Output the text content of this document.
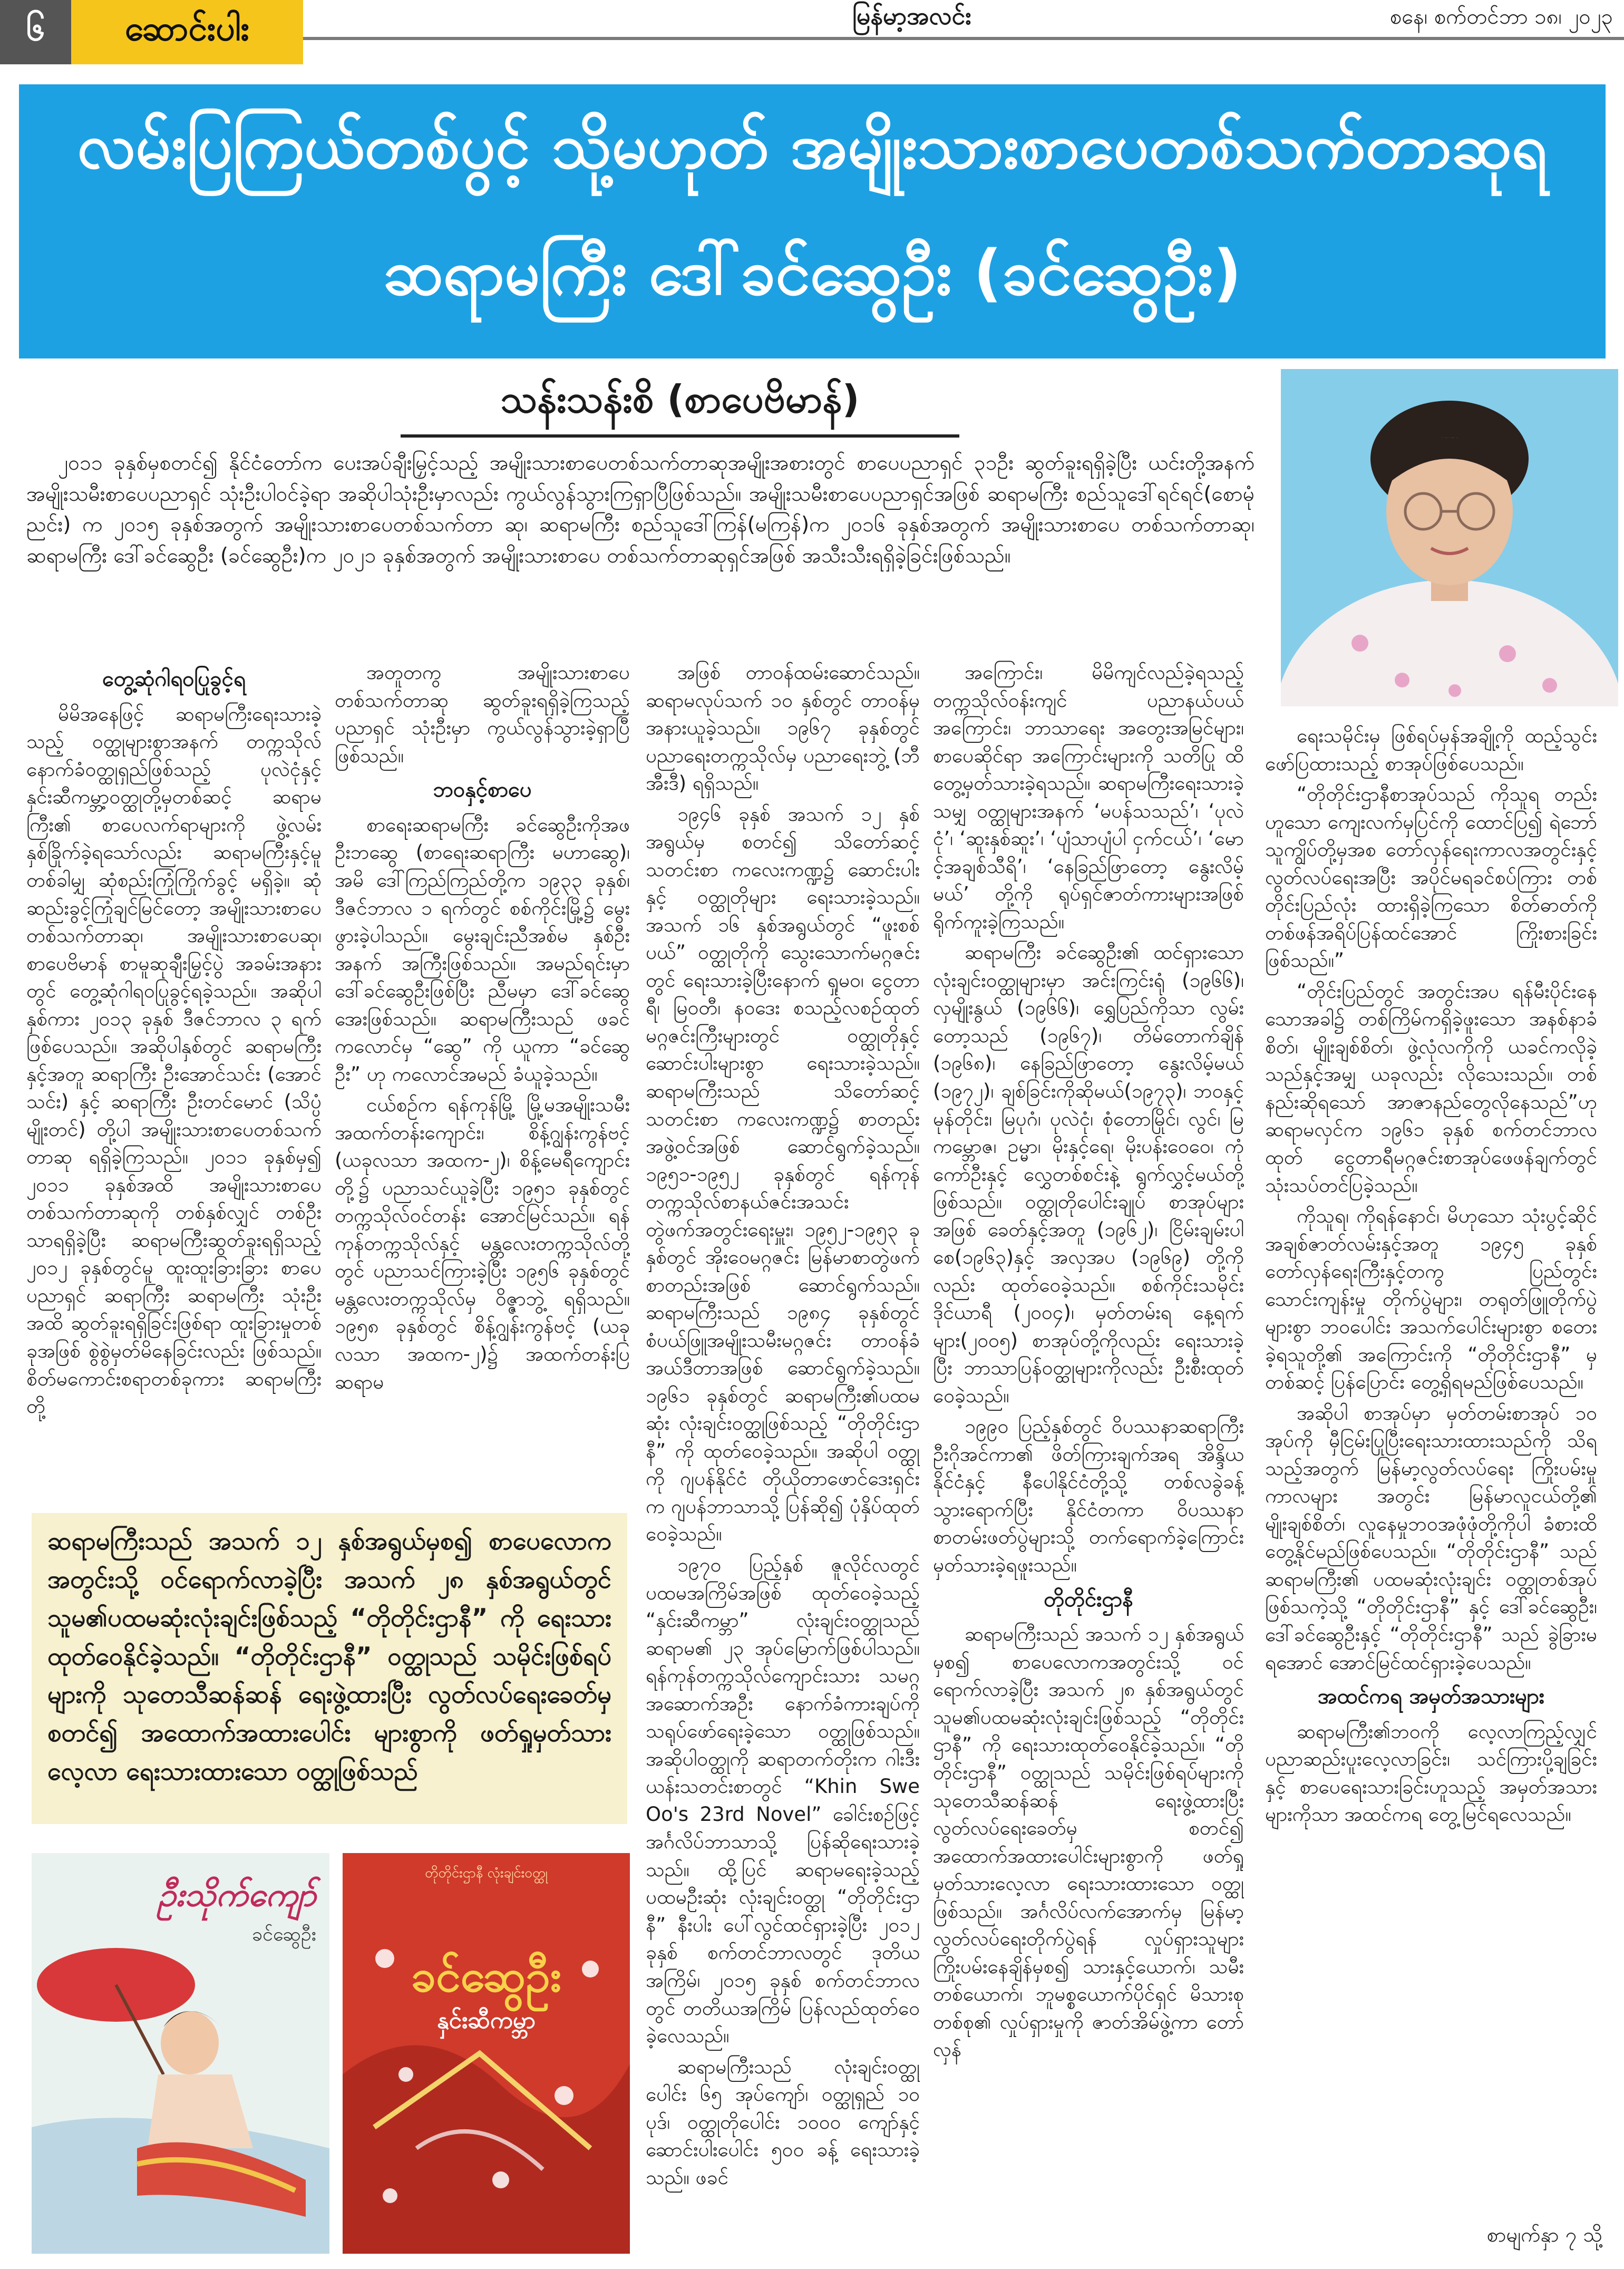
၆	ဆောင်းပါး	မြန်မာ့အလင်း	စနေ၊ စက်တင်ဘာ ၁၈၊ ၂၀၂၃
လမ်းပြကြယ်တစ်ပွင့် သို့မဟုတ် အမျိုးသားစာပေတစ်သက်တာဆုရ
ဆရာမကြီး ဒေါ်ခင်ဆွေဦး (ခင်ဆွေဦး)
သန်းသန်းစိ (စာပေဗိမာန်)

၂၀၁၁ ခုနှစ်မှစတင်၍ နိုင်ငံတော်က ပေးအပ်ချီးမြှင့်သည့် အမျိုးသားစာပေတစ်သက်တာဆုအမျိုးအစားတွင် စာပေပညာရှင် ၃၁ဦး ဆွတ်ခူးရရှိခဲ့ပြီး ယင်းတို့အနက် အမျိုးသမီးစာပေပညာရှင် သုံးဦးပါဝင်ခဲ့ရာ အဆိုပါသုံးဦးမှာလည်း ကွယ်လွန်သွားကြရှာပြီဖြစ်သည်။ အမျိုးသမီးစာပေပညာရှင်အဖြစ် ဆရာမကြီး စည်သူဒေါ်ရင်ရင်(စောမုံညင်း) က ၂၀၁၅ ခုနှစ်အတွက် အမျိုးသားစာပေတစ်သက်တာ ဆု၊ ဆရာမကြီး စည်သူဒေါ်ကြန်(မကြန်)က ၂၀၁၆ ခုနှစ်အတွက် အမျိုးသားစာပေ တစ်သက်တာဆု၊ ဆရာမကြီး ဒေါ်ခင်ဆွေဦး (ခင်ဆွေဦး)က ၂၀၂၁ ခုနှစ်အတွက် အမျိုးသားစာပေ တစ်သက်တာဆုရှင်အဖြစ် အသီးသီးရရှိခဲ့ခြင်းဖြစ်သည်။

တွေ့ဆုံဂါရဝပြုခွင့်ရ

မိမိအနေဖြင့် ဆရာမကြီးရေးသားခဲ့သည့် ဝတ္ထုများစွာအနက် တက္ကသိုလ်နောက်ခံဝတ္ထုရှည်ဖြစ်သည့် ပုလဲငုံနှင့် နှင်းဆီကမ္ဘာ့ဝတ္ထုတို့မှတစ်ဆင့် ဆရာမကြီး၏ စာပေလက်ရာများကို ဖွဲ့လမ်းနှစ်ခြိုက်ခဲ့ရသော်လည်း ဆရာမကြီးနှင့်မူ တစ်ခါမျှ ဆုံစည်းကြုံကြိုက်ခွင့် မရှိခဲ့။ ဆုံဆည်းခွင့်ကြုံချင်မြင်တော့ အမျိုးသားစာပေတစ်သက်တာဆု၊ အမျိုးသားစာပေဆု၊ စာပေဗိမာန် စာမူဆုချီးမြှင့်ပွဲ အခမ်းအနားတွင် တွေ့ဆုံဂါရဝပြုခွင့်ရခဲ့သည်။ အဆိုပါနှစ်ကား ၂၀၁၃ ခုနှစ် ဒီဇင်ဘာလ ၃ ရက် ဖြစ်ပေသည်။ အဆိုပါနှစ်တွင် ဆရာမကြီးနှင့်အတူ ဆရာကြီး ဦးအောင်သင်း (အောင်သင်း) နှင့် ဆရာကြီး ဦးတင်မောင် (သိပ္ပံမျိုးတင်) တို့ပါ အမျိုးသားစာပေတစ်သက်တာဆု ရရှိခဲ့ကြသည်။ ၂၀၁၁ ခုနှစ်မှ၍ ၂၀၁၁ ခုနှစ်အထိ အမျိုးသားစာပေ တစ်သက်တာဆုကို တစ်နှစ်လျှင် တစ်ဦးသာရရှိခဲ့ပြီး ဆရာမကြီးဆွတ်ခူးရရှိသည့် ၂၀၁၂ ခုနှစ်တွင်မူ ထူးထူးခြားခြား စာပေပညာရှင် ဆရာကြီး ဆရာမကြီး သုံးဦးအထိ ဆွတ်ခူးရရှိခြင်းဖြစ်ရာ ထူးခြားမှုတစ်ခုအဖြစ် စွဲစွဲမှတ်မိနေခြင်းလည်း ဖြစ်သည်။ စိတ်မကောင်းစရာတစ်ခုကား ဆရာမကြီးတို့

အတူတကွ အမျိုးသားစာပေ တစ်သက်တာဆု ဆွတ်ခူးရရှိခဲ့ကြသည့် ပညာရှင် သုံးဦးမှာ ကွယ်လွန်သွားခဲ့ရှာပြီဖြစ်သည်။

ဘဝနှင့်စာပေ

စာရေးဆရာမကြီး ခင်ဆွေဦးကိုအဖ ဦးဘဆွေ (စာရေးဆရာကြီး မဟာဆွေ)၊ အမိ ဒေါ်ကြည်ကြည်တို့က ၁၉၃၃ ခုနှစ်၊ ဒီဇင်ဘာလ ၁ ရက်တွင် စစ်ကိုင်းမြို့၌ မွေးဖွားခဲ့ပါသည်။ မွေးချင်းညီအစ်မ နှစ်ဦးအနက် အကြီးဖြစ်သည်။ အမည်ရင်းမှာ ဒေါ်ခင်ဆွေဦးဖြစ်ပြီး ညီမမှာ ဒေါ်ခင်ဆွေအေးဖြစ်သည်။ ဆရာမကြီးသည် ဖခင်ကလောင်မှ “ဆွေ” ကို ယူကာ “ခင်ဆွေဦး” ဟု ကလောင်အမည် ခံယူခဲ့သည်။

ငယ်စဉ်က ရန်ကုန်မြို့ မြို့မအမျိုးသမီး အထက်တန်းကျောင်း၊ စိန့်ဂျွန်းကွန်ဗင့် (ယခုလသာ အထက-၂)၊ စိန့်မေရီကျောင်းတို့၌ ပညာသင်ယူခဲ့ပြီး ၁၉၅၁ ခုနှစ်တွင် တက္ကသိုလ်ဝင်တန်း အောင်မြင်သည်။ ရန်ကုန်တက္ကသိုလ်နှင့် မန္တလေးတက္ကသိုလ်တို့တွင် ပညာသင်ကြားခဲ့ပြီး ၁၉၅၆ ခုနှစ်တွင် မန္တလေးတက္ကသိုလ်မှ ဝိဇ္ဇာဘွဲ့ ရရှိသည်။ ၁၉၅၈ ခုနှစ်တွင် စိန့်ဂျွန်းကွန်ဗင့် (ယခုလသာ အထက-၂)၌ အထက်တန်းပြဆရာမ

အဖြစ် တာဝန်ထမ်းဆောင်သည်။ ဆရာမလုပ်သက် ၁၀ နှစ်တွင် တာဝန်မှ အနားယူခဲ့သည်။ ၁၉၆၇ ခုနှစ်တွင် ပညာရေးတက္ကသိုလ်မှ ပညာရေးဘွဲ့ (ဘီအီးဒီ) ရရှိသည်။

၁၉၄၆ ခုနှစ် အသက် ၁၂ နှစ်အရွယ်မှ စတင်၍ သိတော်ဆင့်သတင်းစာ ကလေးကဏ္ဍ၌ ဆောင်းပါးနှင့် ဝတ္ထုတိုများ ရေးသားခဲ့သည်။ အသက် ၁၆ နှစ်အရွယ်တွင် “ဖူးစစ်ပယ်” ဝတ္ထုတိုကို သွေးသောက်မဂ္ဂဇင်းတွင် ရေးသားခဲ့ပြီးနောက် ရှုမဝ၊ ငွေတာရီ၊ မြဝတီ၊ နဝဒေး စသည့်လစဉ်ထုတ်မဂ္ဂဇင်းကြီးများတွင် ဝတ္ထုတိုနှင့် ဆောင်းပါးများစွာ ရေးသားခဲ့သည်။ ဆရာမကြီးသည် သိတော်ဆင့်သတင်းစာ ကလေးကဏ္ဍ၌ စာတည်းအဖွဲ့ဝင်အဖြစ် ဆောင်ရွက်ခဲ့သည်။ ၁၉၅၁-၁၉၅၂ ခုနှစ်တွင် ရန်ကုန်တက္ကသိုလ်စာနယ်ဇင်းအသင်း တွဲဖက်အတွင်းရေးမှူး၊ ၁၉၅၂-၁၉၅၃ ခုနှစ်တွင် အိုးဝေမဂ္ဂဇင်း မြန်မာစာတွဲဖက်စာတည်းအဖြစ် ဆောင်ရွက်သည်။ ဆရာမကြီးသည် ၁၉၈၄ ခုနှစ်တွင် စံပယ်ဖြူအမျိုးသမီးမဂ္ဂဇင်း တာဝန်ခံအယ်ဒီတာအဖြစ် ဆောင်ရွက်ခဲ့သည်။ ၁၉၆၁ ခုနှစ်တွင် ဆရာမကြီး၏ပထမဆုံး လုံးချင်းဝတ္ထုဖြစ်သည့် “တိုတိုင်းဌာနီ” ကို ထုတ်ဝေခဲ့သည်။ အဆိုပါ ဝတ္ထုကို ဂျပန်နိုင်ငံ တိုယိုတာဖောင်ဒေးရှင်းက ဂျပန်ဘာသာသို့ ပြန်ဆို၍ ပုံနှိပ်ထုတ်ဝေခဲ့သည်။

၁၉၇၀ ပြည့်နှစ် ဇူလိုင်လတွင် ပထမအကြိမ်အဖြစ် ထုတ်ဝေခဲ့သည့် “နှင်းဆီကမ္ဘာ” လုံးချင်းဝတ္ထုသည် ဆရာမ၏ ၂၃ အုပ်မြောက်ဖြစ်ပါသည်။ ရန်ကုန်တက္ကသိုလ်ကျောင်းသား သမဂ္ဂအဆောက်အဦး နောက်ခံကားချပ်ကို သရုပ်ဖော်ရေးခဲ့သော ဝတ္ထုဖြစ်သည်။ အဆိုပါဝတ္ထုကို ဆရာတက်တိုးက ဂါးဒီးယန်းသတင်းစာတွင် “Khin Swe Oo's 23rd Novel” ခေါင်းစဉ်ဖြင့် အင်္ဂလိပ်ဘာသာသို့ ပြန်ဆိုရေးသားခဲ့သည်။ ထို့ပြင် ဆရာမရေးခဲ့သည့် ပထမဦးဆုံး လုံးချင်းဝတ္ထု “တိုတိုင်းဌာနီ” နီးပါး ပေါ်လွင်ထင်ရှားခဲ့ပြီး ၂၀၁၂ ခုနှစ် စက်တင်ဘာလတွင် ဒုတိယအကြိမ်၊ ၂၀၁၅ ခုနှစ် စက်တင်ဘာလတွင် တတိယအကြိမ် ပြန်လည်ထုတ်ဝေခဲ့လေသည်။

ဆရာမကြီးသည် လုံးချင်းဝတ္ထုပေါင်း ၆၅ အုပ်ကျော်၊ ဝတ္ထုရှည် ၁၀ ပုဒ်၊ ဝတ္ထုတိုပေါင်း ၁၀၀၀ ကျော်နှင့် ဆောင်းပါးပေါင်း ၅၀၀ ခန့် ရေးသားခဲ့သည်။ ဖခင်

အကြောင်း၊ မိမိကျင်လည်ခဲ့ရသည့် တက္ကသိုလ်ဝန်းကျင် ပညာနယ်ပယ် အကြောင်း၊ ဘာသာရေး အတွေးအမြင်များ၊ စာပေဆိုင်ရာ အကြောင်းများကို သတိပြု ထိတွေ့မှတ်သားခဲ့ရသည်။ ဆရာမကြီးရေးသားခဲ့သမျှ ဝတ္ထုများအနက် ‘မပန်သသည်’၊ ‘ပုလဲငုံ’၊ ‘ဆူးနှစ်ဆူး’၊ ‘ပျံသာပျံပါ ငှက်ငယ်’၊ ‘မောင့်အချစ်သီရိ’၊ ‘နေခြည်ဖြာတော့ နွေးလိမ့်မယ်’ တို့ကို ရုပ်ရှင်ဇာတ်ကားများအဖြစ် ရိုက်ကူးခဲ့ကြသည်။

ဆရာမကြီး ခင်ဆွေဦး၏ ထင်ရှားသော လုံးချင်းဝတ္ထုများမှာ အင်းကြင်းရုံ (၁၉၆၆)၊ လှမျိုးနွယ် (၁၉၆၆)၊ ရွှေပြည်ကိုသာ လွမ်းတော့သည် (၁၉၆၇)၊ တိမ်တောက်ချိန် (၁၉၆၈)၊ နေခြည်ဖြာတော့ နွေးလိမ့်မယ် (၁၉၇၂)၊ ချစ်ခြင်းကိုဆိုမယ်(၁၉၇၃)၊ ဘဝနှင့် မုန်တိုင်း၊ မြပုဂံ၊ ပုလဲငုံ၊ စုံတောမြိုင်၊ လွင်၊ မြကမ္ဘောဇ၊ ဥမ္မာ၊ မိုးနှင့်ရေ၊ မိုးပန်းဝေဝေ၊ ကုံကော်ဦးနှင့် လွှေတစ်စင်းနဲ့ ရွက်လွှင့်မယ်တို့ဖြစ်သည်။ ဝတ္ထုတိုပေါင်းချုပ် စာအုပ်များအဖြစ် ခေတ်နှင့်အတူ (၁၉၆၂)၊ ငြိမ်းချမ်းပါစေ(၁၉၆၃)နှင့် အလှအပ (၁၉၆၉) တို့ကိုလည်း ထုတ်ဝေခဲ့သည်။ စစ်ကိုင်းသမိုင်းဒိုင်ယာရီ (၂၀၀၄)၊ မှတ်တမ်းရ နေ့ရက်များ(၂၀၀၅) စာအုပ်တို့ကိုလည်း ရေးသားခဲ့ပြီး ဘာသာပြန်ဝတ္ထုများကိုလည်း ဦးစီးထုတ်ဝေခဲ့သည်။

၁၉၉၀ ပြည့်နှစ်တွင် ဝိပဿနာဆရာကြီး ဦးဂိုအင်ကာ၏ ဖိတ်ကြားချက်အရ အိန္ဒိယနိုင်ငံနှင့် နီပေါနိုင်ငံတို့သို့ တစ်လခွဲခန့်သွားရောက်ပြီး နိုင်ငံတကာ ဝိပဿနာစာတမ်းဖတ်ပွဲများသို့ တက်ရောက်ခဲ့ကြောင်း မှတ်သားခဲ့ရဖူးသည်။

တိုတိုင်းဌာနီ

ဆရာမကြီးသည် အသက် ၁၂ နှစ်အရွယ်မှစ၍ စာပေလောကအတွင်းသို့ ဝင်ရောက်လာခဲ့ပြီး အသက် ၂၈ နှစ်အရွယ်တွင် သူမ၏ပထမဆုံးလုံးချင်းဖြစ်သည့် “တိုတိုင်းဌာနီ” ကို ရေးသားထုတ်ဝေနိုင်ခဲ့သည်။ “တိုတိုင်းဌာနီ” ဝတ္ထုသည် သမိုင်းဖြစ်ရပ်များကို သုတေသီဆန်ဆန် ရေးဖွဲ့ထားပြီး လွတ်လပ်ရေးခေတ်မှ စတင်၍ အထောက်အထားပေါင်းများစွာကို ဖတ်ရှုမှတ်သားလေ့လာ ရေးသားထားသော ဝတ္ထုဖြစ်သည်။ အင်္ဂလိပ်လက်အောက်မှ မြန်မာ့လွတ်လပ်ရေးတိုက်ပွဲရန် လှုပ်ရှားသူများ ကြိုးပမ်းနေချိန်မှစ၍ သားနှင့်ယောက်၊ သမီးတစ်ယောက်၊ ဘူမစ္စယောက်ပိုင်ရှင် မိသားစုတစ်စု၏ လှုပ်ရှားမှုကို ဇာတ်အိမ်ဖွဲ့ကာ တော်လှန်

ရေးသမိုင်းမှ ဖြစ်ရပ်မှန်အချို့ကို ထည့်သွင်းဖော်ပြထားသည့် စာအုပ်ဖြစ်ပေသည်။

“တိုတိုင်းဌာနီစာအုပ်သည် ကိုသူရ တည်းဟူသော ကျေးလက်မှပြင်ကို ထောင်ပြ၍ ရဲဘော်သူကျွိပ်တို့မှအစ တော်လှန်ရေးကာလအတွင်းနှင့် လွတ်လပ်ရေးအပြီး အပိုင်မရခင်စပ်ကြား တစ်တိုင်းပြည်လုံး ထားရှိခဲ့ကြသော စိတ်ဓာတ်ကို တစ်ဖန်အရိပ်ပြန်ထင်အောင် ကြိုးစားခြင်းဖြစ်သည်။”

“တိုင်းပြည်တွင် အတွင်းအပ ရန်မီးပိုင်းနေသောအခါ၌ တစ်ကြိမ်ကရှိခဲ့ဖူးသော အနစ်နာခံစိတ်၊ မျိုးချစ်စိတ်၊ ဖွဲ့လုံလကိုကို ယခင်ကလိုခဲ့သည်နှင့်အမျှ ယခုလည်း လိုသေးသည်။ တစ်နည်းဆိုရသော် အာဇာနည်တွေလိုနေသည်”ဟု ဆရာမလှင်က ၁၉၆၁ ခုနှစ် စက်တင်ဘာလထုတ် ငွေတာရီမဂ္ဂဇင်းစာအုပ်ဖေဖန်ချက်တွင် သုံးသပ်တင်ပြခဲ့သည်။

ကိုသူရ၊ ကိုရန်နောင်၊ မိဟုသော သုံးပွင့်ဆိုင် အချစ်ဇာတ်လမ်းနှင့်အတူ ၁၉၄၅ ခုနှစ် တော်လှန်ရေးကြီးနှင့်တကွ ပြည်တွင်းသောင်းကျန်းမှု တိုက်ပွဲများ၊ တရုတ်ဖြူတိုက်ပွဲများစွာ ဘဝပေါင်း အသက်ပေါင်းများစွာ စတေးခဲ့ရသူတို့၏ အကြောင်းကို “တိုတိုင်းဌာနီ” မှတစ်ဆင့် ပြန်ပြောင်း တွေ့ရှိရမည်ဖြစ်ပေသည်။

အဆိုပါ စာအုပ်မှာ မှတ်တမ်းစာအုပ် ၁၀ အုပ်ကို မှီငြမ်းပြုပြီးရေးသားထားသည်ကို သိရသည့်အတွက် မြန်မာ့လွတ်လပ်ရေး ကြိုးပမ်းမှုကာလများ အတွင်း မြန်မာလူငယ်တို့၏ မျိုးချစ်စိတ်၊ လူနေမှုဘဝအဖုံဖုံတို့ကိုပါ ခံစားထိတွေ့နိုင်မည်ဖြစ်ပေသည်။ “တိုတိုင်းဌာနီ” သည် ဆရာမကြီး၏ ပထမဆုံးလုံးချင်း ဝတ္ထုတစ်အုပ်ဖြစ်သကဲ့သို့ “တိုတိုင်းဌာနီ” နှင့် ဒေါ်ခင်ဆွေဦး၊ ဒေါ်ခင်ဆွေဦးနှင့် “တိုတိုင်းဌာနီ” သည် ခွဲခြားမရအောင် အောင်မြင်ထင်ရှားခဲ့ပေသည်။

အထင်ကရ အမှတ်အသားများ

ဆရာမကြီး၏ဘဝကို လေ့လာကြည့်လျှင် ပညာဆည်းပူးလေ့လာခြင်း၊ သင်ကြားပို့ချခြင်းနှင့် စာပေရေးသားခြင်းဟူသည့် အမှတ်အသားများကိုသာ အထင်ကရ တွေ့မြင်ရလေသည်။

ဆရာမကြီးသည် အသက် ၁၂ နှစ်အရွယ်မှစ၍ စာပေလောကအတွင်းသို့ ဝင်ရောက်လာခဲ့ပြီး အသက် ၂၈ နှစ်အရွယ်တွင် သူမ၏ပထမဆုံးလုံးချင်းဖြစ်သည့် “တိုတိုင်းဌာနီ” ကို ရေးသားထုတ်ဝေနိုင်ခဲ့သည်။ “တိုတိုင်းဌာနီ” ဝတ္ထုသည် သမိုင်းဖြစ်ရပ်များကို သုတေသီဆန်ဆန် ရေးဖွဲ့ထားပြီး လွတ်လပ်ရေးခေတ်မှ စတင်၍ အထောက်အထားပေါင်း များစွာကို ဖတ်ရှုမှတ်သားလေ့လာ ရေးသားထားသော ဝတ္ထုဖြစ်သည်
ဦးသိုက်ကျော်
ခင်ဆွေဦး
တိုတိုင်းဌာနီ လုံးချင်းဝတ္ထု
ခင်ဆွေဦး
နှင်းဆီကမ္ဘာ
စာမျက်နှာ ၇ သို့
